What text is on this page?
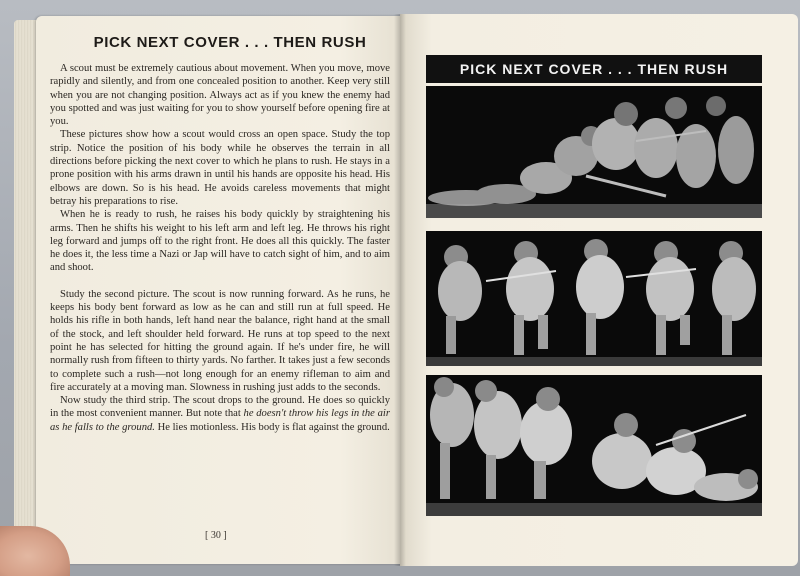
PICK NEXT COVER . . . THEN RUSH

A scout must be extremely cautious about movement. When you move, move rapidly and silently, and from one concealed position to another. Keep very still when you are not changing position. Always act as if you knew the enemy had you spotted and was just waiting for you to show yourself before opening fire at you.

These pictures show how a scout would cross an open space. Study the top strip. Notice the position of his body while he observes the terrain in all directions before picking the next cover to which he plans to rush. He stays in a prone position with his arms drawn in until his hands are opposite his head. His elbows are down. So is his head. He avoids careless movements that might betray his preparations to rise.

When he is ready to rush, he raises his body quickly by straightening his arms. Then he shifts his weight to his left arm and left leg. He throws his right leg forward and jumps off to the right front. He does all this quickly. The faster he does it, the less time a Nazi or Jap will have to catch sight of him, and to aim and shoot.

Study the second picture. The scout is now running forward. As he runs, he keeps his body bent forward as low as he can and still run at full speed. He holds his rifle in both hands, left hand near the balance, right hand at the small of the stock, and left shoulder held forward. He runs at top speed to the next point he has selected for hitting the ground again. If he's under fire, he will normally rush from fifteen to thirty yards. No farther. It takes just a few seconds to complete such a rush—not long enough for an enemy rifleman to aim and fire accurately at a moving man. Slowness in rushing just adds to the seconds.

Now study the third strip. The scout drops to the ground. He does so quickly in the most convenient manner. But note that he doesn't throw his legs in the air as he falls to the ground. He lies motionless. His body is flat against the ground.

[ 30 ]
PICK NEXT COVER . . . THEN RUSH
